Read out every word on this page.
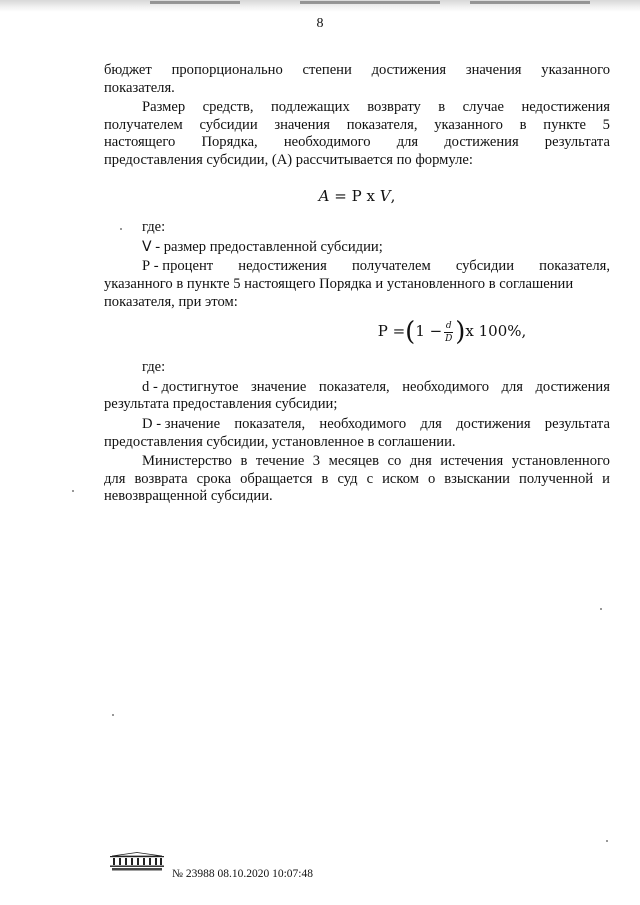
8
бюджет пропорционально степени достижения значения указанного
показателя.
Размер средств, подлежащих возврату в случае недостижения
получателем субсидии значения показателя, указанного в пункте 5
настоящего Порядка, необходимого для достижения результата
предоставления субсидии, (А) рассчитывается по формуле:
A = P x V,
где:
V - размер предоставленной субсидии;
Р - процент недостижения получателем субсидии показателя,
указанного в пункте 5 настоящего Порядка и установленного в соглашении
показателя, при этом:
Р = ( $1 - \frac{d}{D}$ ) x 100%,
где:
d - достигнутое значение показателя, необходимого для достижения
результата предоставления субсидии;
D - значение показателя, необходимого для достижения результата
предоставления субсидии, установленное в соглашении.
Министерство в течение 3 месяцев со дня истечения установленного
для возврата срока обращается в суд с иском о взыскании полученной и
невозвращенной субсидии.
№ 23988 08.10.2020 10:07:48
